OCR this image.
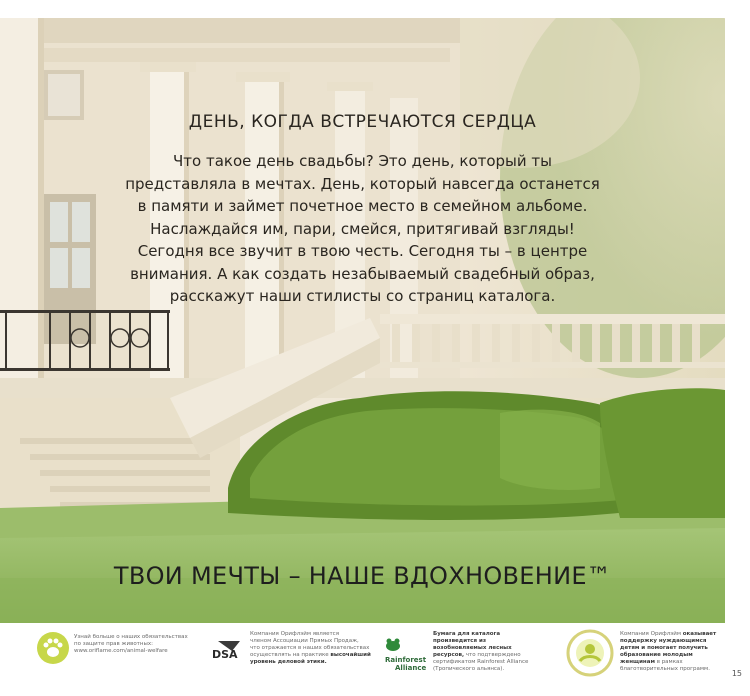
ДЕНЬ, КОГДА ВСТРЕЧАЮТСЯ СЕРДЦА
Что такое день свадьбы? Это день, который ты
представляла в мечтах. День, который навсегда останется
в памяти и займет почетное место в семейном альбоме.
Наслаждайся им, пари, смейся, притягивай взгляды!
Сегодня все звучит в твою честь. Сегодня ты – в центре
внимания. А как создать незабываемый свадебный образ,
расскажут наши стилисты со страниц каталога.
ТВОИ МЕЧТЫ – НАШЕ ВДОХНОВЕНИЕ™
Узнай больше о наших обязательствах
по защите прав животных:
www.oriflame.com/animal-welfare	DSA
Компания Орифлэйм является
членом Ассоциации Прямых Продаж,
что отражается в наших обязательствах
осуществлять на практике высочайший
уровень деловой этики.	Rainforest
Alliance
Бумага для каталога
произведится из
возобновляемых лесных
ресурсов, что подтверждено
сертификатом Rainforest Alliance
(Тропического альянса).
Компания Орифлэйм оказывает
поддержку нуждающимся
детям и помогает получить
образование молодым
женщинам в рамках
благотворительных программ.	15
